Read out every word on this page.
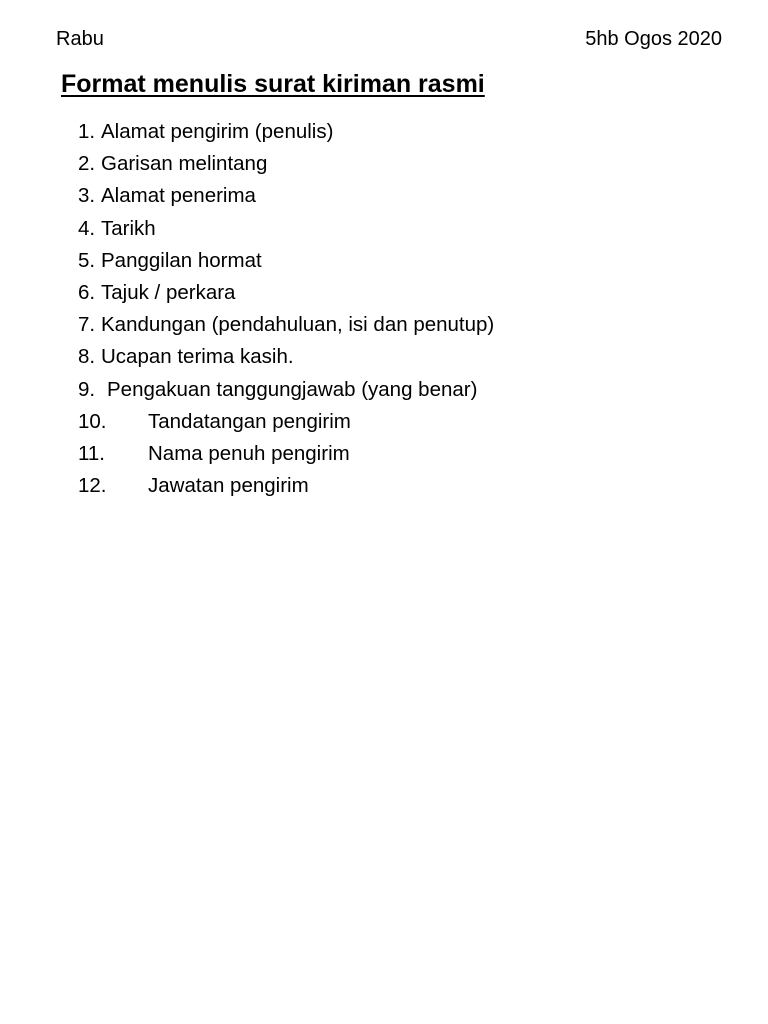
Rabu	5hb Ogos 2020
Format menulis surat kiriman rasmi
1. Alamat pengirim (penulis)
2. Garisan melintang
3. Alamat penerima
4. Tarikh
5. Panggilan hormat
6. Tajuk / perkara
7. Kandungan (pendahuluan, isi dan penutup)
8. Ucapan terima kasih.
9. Pengakuan tanggungjawab (yang benar)
10. Tandatangan pengirim
11. Nama penuh pengirim
12. Jawatan pengirim
